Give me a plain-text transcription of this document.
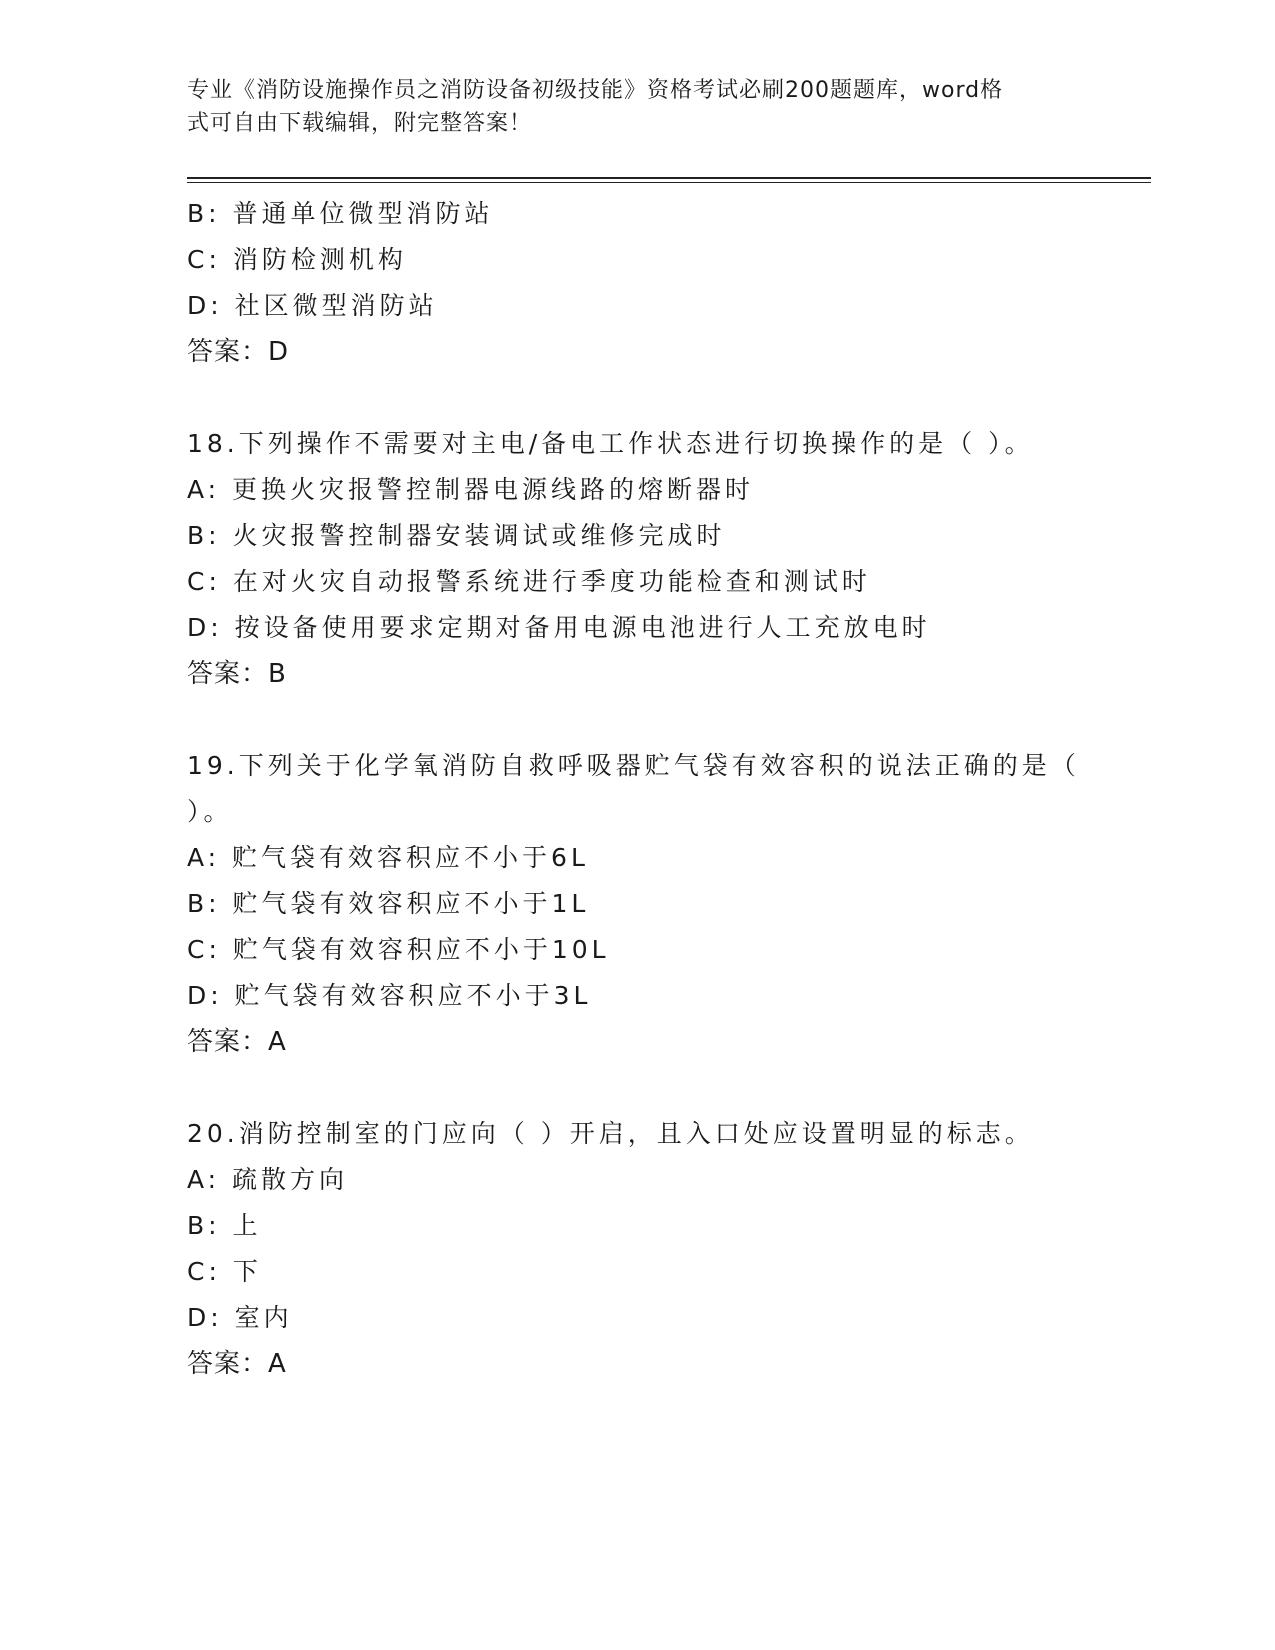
专业《消防设施操作员之消防设备初级技能》资格考试必刷200题题库，word格
式可自由下载编辑，附完整答案！
B: 普通单位微型消防站
C: 消防检测机构
D: 社区微型消防站
答案：D
18.下列操作不需要对主电/备电工作状态进行切换操作的是（ ）。
A: 更换火灾报警控制器电源线路的熔断器时
B: 火灾报警控制器安装调试或维修完成时
C: 在对火灾自动报警系统进行季度功能检查和测试时
D: 按设备使用要求定期对备用电源电池进行人工充放电时
答案：B
19.下列关于化学氧消防自救呼吸器贮气袋有效容积的说法正确的是（
）。
A: 贮气袋有效容积应不小于6L
B: 贮气袋有效容积应不小于1L
C: 贮气袋有效容积应不小于10L
D: 贮气袋有效容积应不小于3L
答案：A
20.消防控制室的门应向（ ）开启，且入口处应设置明显的标志。
A: 疏散方向
B: 上
C: 下
D: 室内
答案：A
